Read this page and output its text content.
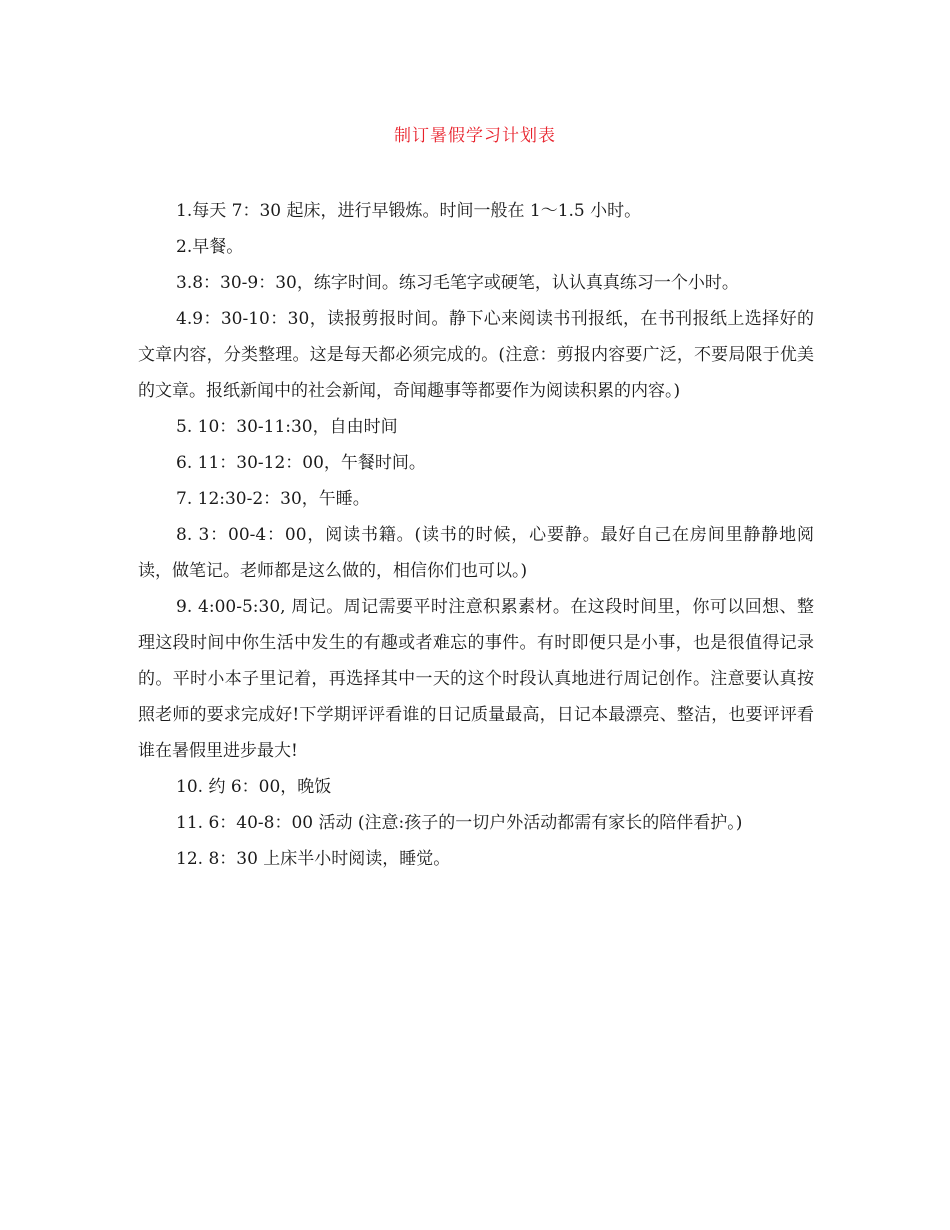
制订暑假学习计划表

1.每天 7：30 起床，进行早锻炼。时间一般在 1～1.5 小时。

2.早餐。

3.8：30-9：30，练字时间。练习毛笔字或硬笔，认认真真练习一个小时。

4.9：30-10：30，读报剪报时间。静下心来阅读书刊报纸，在书刊报纸上选择好的文章内容，分类整理。这是每天都必须完成的。(注意：剪报内容要广泛，不要局限于优美的文章。报纸新闻中的社会新闻，奇闻趣事等都要作为阅读积累的内容。)

5. 10：30-11:30，自由时间

6. 11：30-12：00，午餐时间。

7. 12:30-2：30，午睡。

8. 3：00-4：00，阅读书籍。(读书的时候，心要静。最好自己在房间里静静地阅读，做笔记。老师都是这么做的，相信你们也可以。)

9. 4:00-5:30, 周记。周记需要平时注意积累素材。在这段时间里，你可以回想、整理这段时间中你生活中发生的有趣或者难忘的事件。有时即便只是小事，也是很值得记录的。平时小本子里记着，再选择其中一天的这个时段认真地进行周记创作。注意要认真按照老师的要求完成好!下学期评评看谁的日记质量最高，日记本最漂亮、整洁，也要评评看谁在暑假里进步最大!

10. 约 6：00，晚饭

11. 6：40-8：00 活动 (注意:孩子的一切户外活动都需有家长的陪伴看护。)

12. 8：30 上床半小时阅读，睡觉。
